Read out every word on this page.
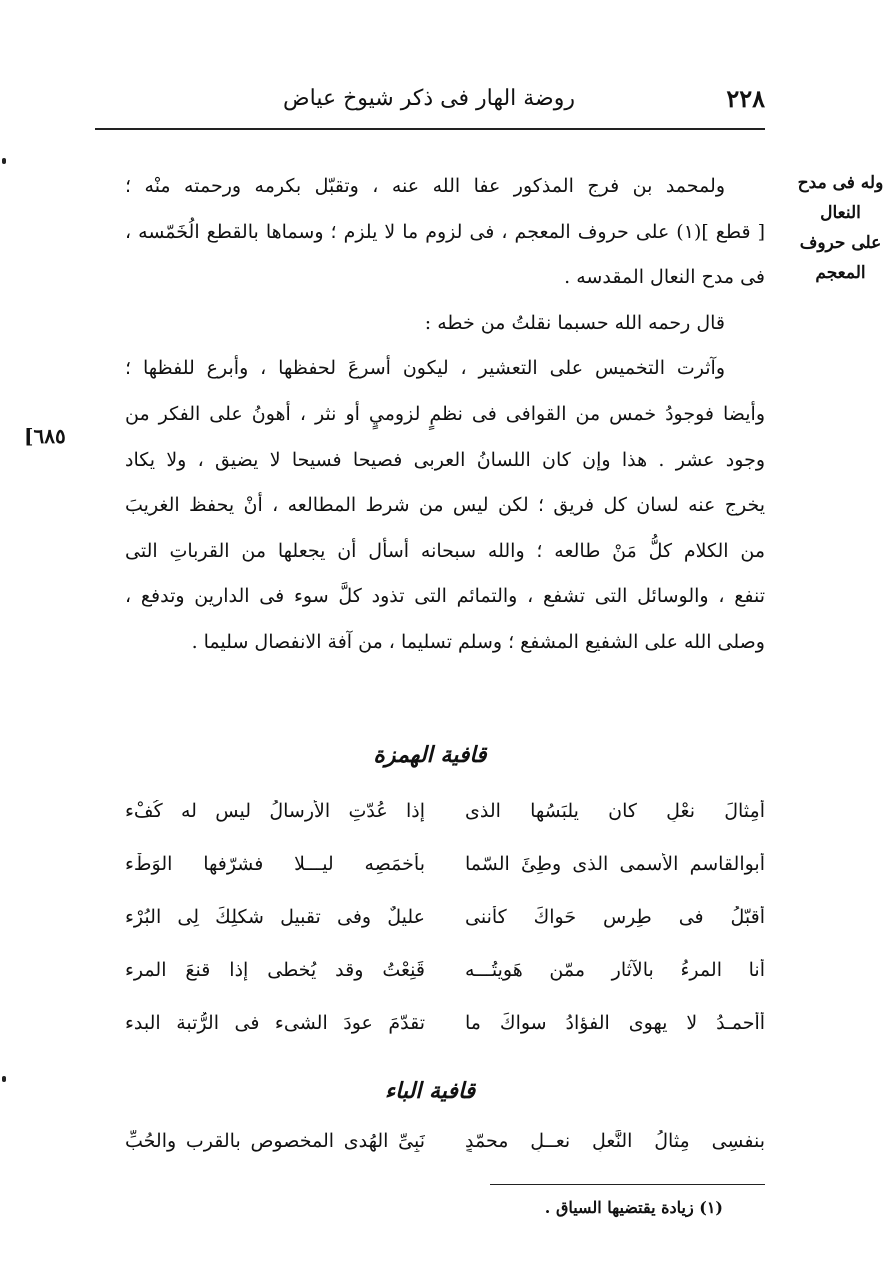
٢٢٨
روضة الهار فى ذكر شيوخ عياض
وله فى مدح النعال
على حروف
المعجم
[٦٨٥
ولمحمد بن فرج المذكور عفا الله عنه ، وتقبّل بكرمه ورحمته منْه ؛
[ قطع ](١) على حروف المعجم ، فى لزوم ما لا يلزم ؛ وسماها بالقطع الُخَمّسه ،
فى مدح النعال المقدسه .
قال رحمه الله حسبما نقلتُ من خطه :
وآثرت التخميس على التعشير ، ليكون أسرعَ لحفظها ، وأبرع للفظها ؛
وأيضا فوجودُ خمس من القوافى فى نظمٍ لزوميٍ أو نثر ، أهونُ على الفكر من
وجود عشر . هذا وإن كان اللسانُ العربى فصيحا فسيحا لا يضيق ، ولا يكاد
يخرج عنه لسان كل فريق ؛ لكن ليس من شرط المطالعه ، أنْ يحفظ الغريبَ
من الكلام كلُّ مَنْ طالعه ؛ والله سبحانه أسأل أن يجعلها من القرباتِ التى
تنفع ، والوسائل التى تشفع ، والتمائم التى تذود كلَّ سوء فى الدارين وتدفع ،
وصلى الله على الشفيع المشفع ؛ وسلم تسليما ، من آفة الانفصال سليما .
قافية الهمزة
أَمِثالَ نعْلٍ كان يلبَسُها الذى
إذا عُدّتِ الأرسالُ ليس له كُفْء
أبوالقاسمِ الأسمى الذى وطِئَ السّما
بأخمَصِه ليـــلا فشرّفها الوَطْء
أُقبّلُ فى طِرسٍ حَواكَ كأننى
عليلٌ وفى تقبيل شكلِكَ لِى البُرْء
أنا المرءُ بالآثار ممّن هَويتُـــه
قَنِعْتُ وقد يُخطى إذا قنعَ المرء
أأحمـدُ لا يهوى الفؤادُ سواكَ ما
تقدّمَ عودَ الشىء فى الرُّتبة البدء
قافية الباء
بنفسِى مِثالُ النَّعلِ نعــلِ محمّدٍ
نَبِىِّ الهُدى المخصوصِ بالقرب والحُبِّ
(١) زيادة يقتضيها السياق .
